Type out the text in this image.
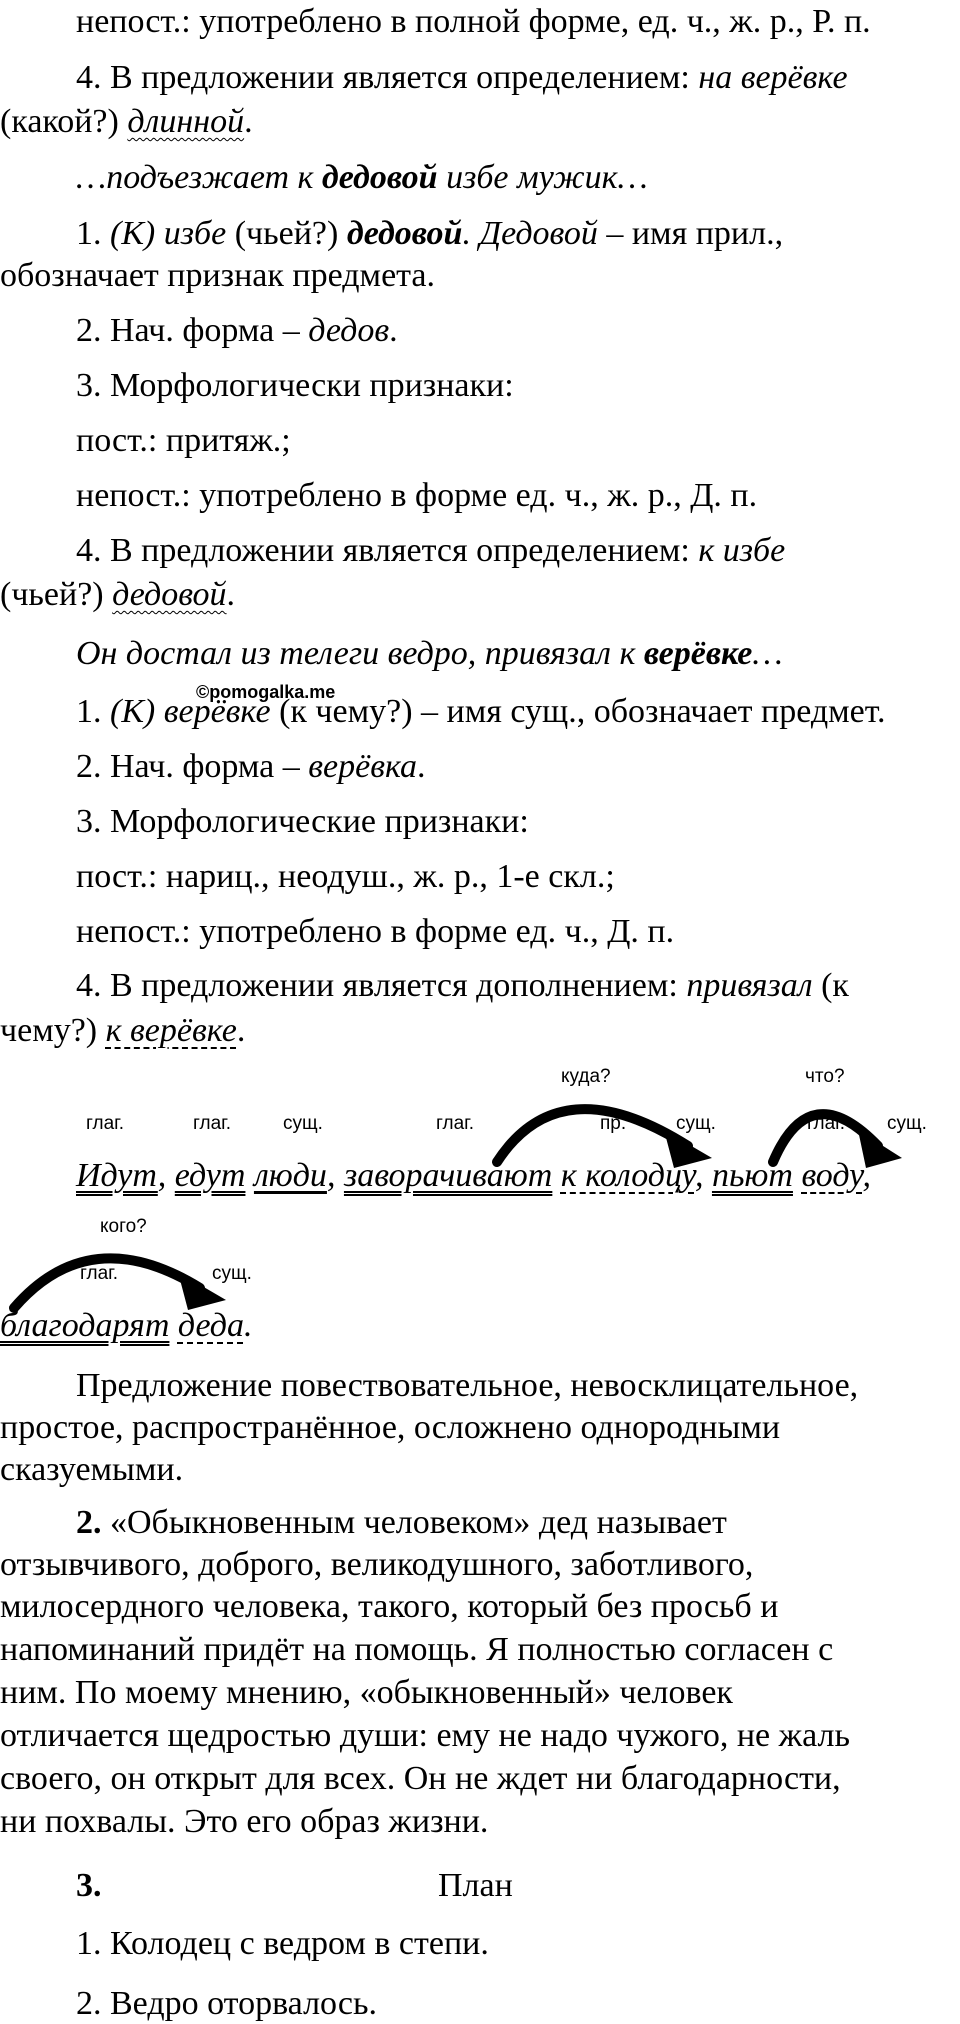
непост.: употреблено в полной форме, ед. ч., ж. р., Р. п.
4. В предложении является определением: на верёвке
(какой?) длинной.
…подъезжает к дедовой избе мужик…
1. (К) избе (чьей?) дедовой. Дедовой – имя прил.,
обозначает признак предмета.
2. Нач. форма – дедов.
3. Морфологически признаки:
пост.: притяж.;
непост.: употреблено в форме ед. ч., ж. р., Д. п.
4. В предложении является определением: к избе
(чьей?) дедовой.
Он достал из телеги ведро, привязал к верёвке…
©pomogalka.me
1. (К) верёвке (к чему?) – имя сущ., обозначает предмет.
2. Нач. форма – верёвка.
3. Морфологические признаки:
пост.: нариц., неодуш., ж. р., 1-е скл.;
непост.: употреблено в форме ед. ч., Д. п.
4. В предложении является дополнением: привязал (к
чему?) к верёвке.
глаг.	глаг.	сущ.	глаг.
куда?
пр.	сущ.
что?
глаг. сущ.
Идут, едут люди, заворачивают к колодцу, пьют воду,
кого?
глаг.	сущ.
благодарят деда.
Предложение повествовательное, невосклицательное,
простое, распространённое, осложнено однородными
сказуемыми.
2. «Обыкновенным человеком» дед называет
отзывчивого, доброго, великодушного, заботливого,
милосердного человека, такого, который без просьб и
напоминаний придёт на помощь. Я полностью согласен с
ним. По моему мнению, «обыкновенный» человек
отличается щедростью души: ему не надо чужого, не жаль
своего, он открыт для всех. Он не ждет ни благодарности,
ни похвалы. Это его образ жизни.
3.	План
1. Колодец с ведром в степи.
2. Ведро оторвалось.
